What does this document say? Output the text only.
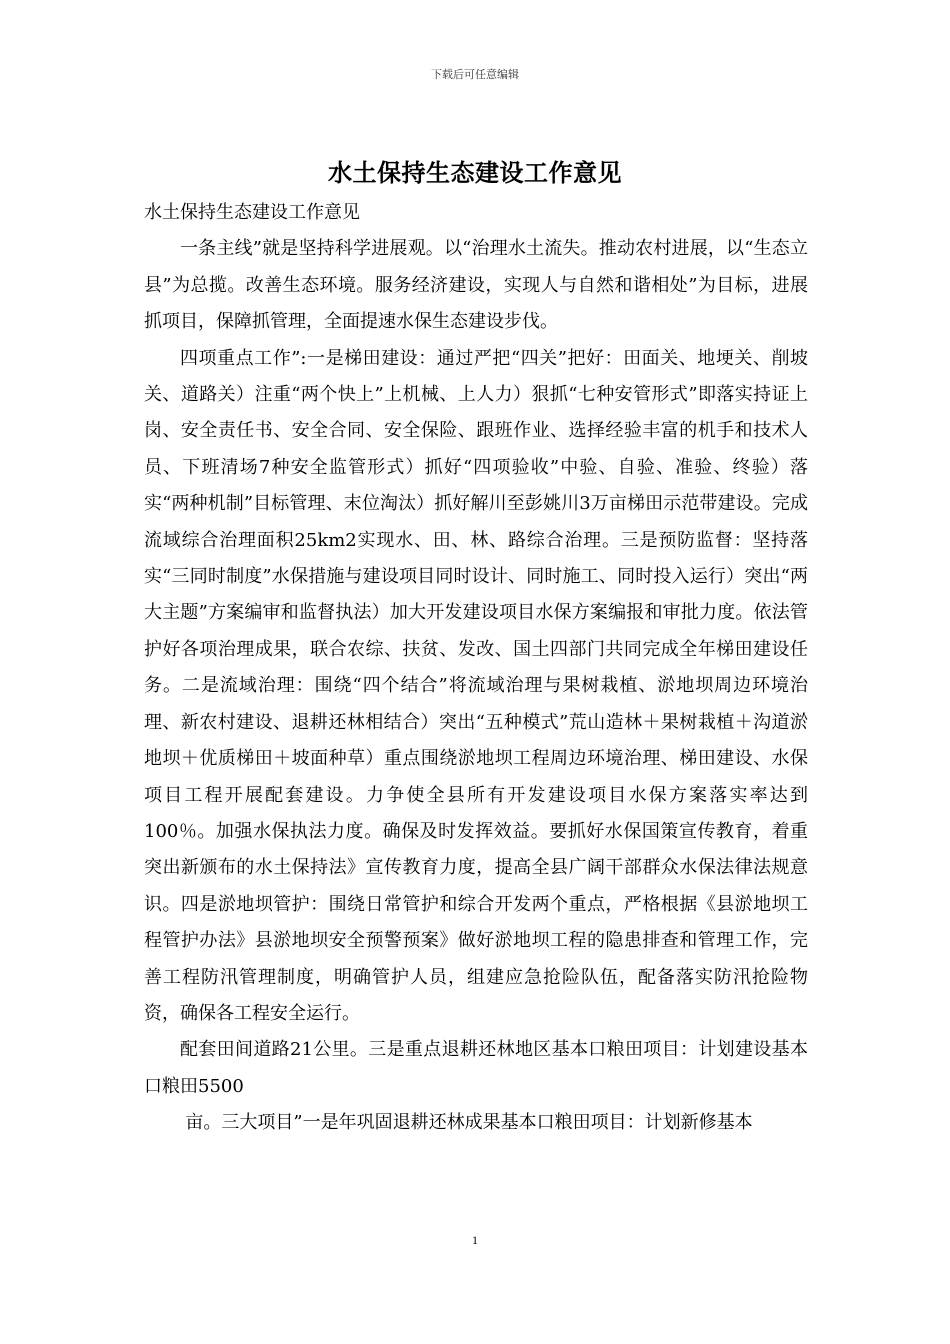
下载后可任意编辑
水土保持生态建设工作意见

水土保持生态建设工作意见

一条主线”就是坚持科学进展观。以“治理水土流失。推动农村进展，以“生态立县”为总揽。改善生态环境。服务经济建设，实现人与自然和谐相处”为目标，进展抓项目，保障抓管理，全面提速水保生态建设步伐。

四项重点工作”:一是梯田建设：通过严把“四关”把好：田面关、地埂关、削坡关、道路关）注重“两个快上”上机械、上人力）狠抓“七种安管形式”即落实持证上岗、安全责任书、安全合同、安全保险、跟班作业、选择经验丰富的机手和技术人员、下班清场7种安全监管形式）抓好“四项验收”中验、自验、准验、终验）落实“两种机制”目标管理、末位淘汰）抓好解川至彭姚川3万亩梯田示范带建设。完成流域综合治理面积25km2实现水、田、林、路综合治理。三是预防监督：坚持落实“三同时制度”水保措施与建设项目同时设计、同时施工、同时投入运行）突出“两大主题”方案编审和监督执法）加大开发建设项目水保方案编报和审批力度。依法管护好各项治理成果，联合农综、扶贫、发改、国土四部门共同完成全年梯田建设任务。二是流域治理：围绕“四个结合”将流域治理与果树栽植、淤地坝周边环境治理、新农村建设、退耕还林相结合）突出“五种模式”荒山造林＋果树栽植＋沟道淤地坝＋优质梯田＋坡面种草）重点围绕淤地坝工程周边环境治理、梯田建设、水保项目工程开展配套建设。力争使全县所有开发建设项目水保方案落实率达到100％。加强水保执法力度。确保及时发挥效益。要抓好水保国策宣传教育，着重突出新颁布的水土保持法》宣传教育力度，提高全县广阔干部群众水保法律法规意识。四是淤地坝管护：围绕日常管护和综合开发两个重点，严格根据《县淤地坝工程管护办法》县淤地坝安全预警预案》做好淤地坝工程的隐患排查和管理工作，完善工程防汛管理制度，明确管护人员，组建应急抢险队伍，配备落实防汛抢险物资，确保各工程安全运行。

配套田间道路21公里。三是重点退耕还林地区基本口粮田项目：计划建设基本口粮田5500

亩。三大项目”一是年巩固退耕还林成果基本口粮田项目：计划新修基本

1
